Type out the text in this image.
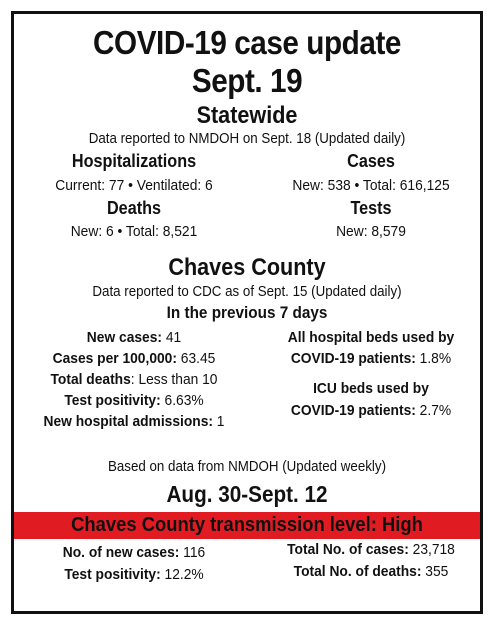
COVID-19 case update
Sept. 19
Statewide
Data reported to NMDOH on Sept. 18 (Updated daily)
Hospitalizations
Current: 77 • Ventilated: 6
Cases
New: 538 • Total: 616,125
Deaths
New: 6 • Total: 8,521
Tests
New: 8,579
Chaves County
Data reported to CDC as of Sept. 15 (Updated daily)
In the previous 7 days
New cases: 41
Cases per 100,000: 63.45
Total deaths: Less than 10
Test positivity: 6.63%
New hospital admissions: 1
All hospital beds used by
COVID-19 patients: 1.8%
ICU beds used by
COVID-19 patients: 2.7%
Based on data from NMDOH (Updated weekly)
Aug. 30-Sept. 12
Chaves County transmission level: High
No. of new cases: 116
Test positivity: 12.2%
Total No. of cases: 23,718
Total No. of deaths: 355
